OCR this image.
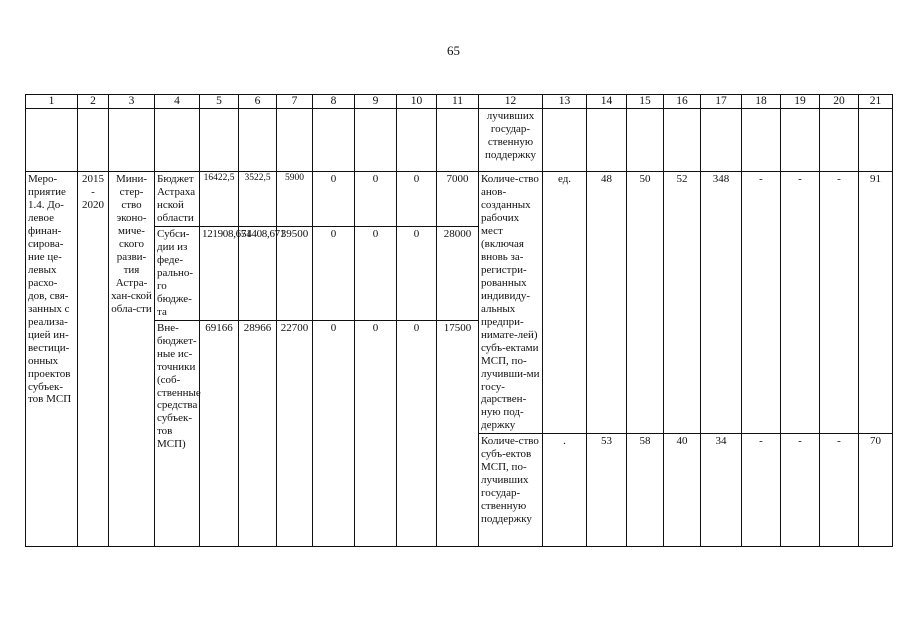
65
1	2	3	4	5	6	7	8	9	10	11	12	13	14	15	16	17	18	19	20	21
											лучивших государ-ственную поддержку									
Меро-приятие 1.4. До-левое финан-сирова-ние це-левых расхо-дов, свя-занных с реализа-цией ин-вестици-онных проектов субъек-тов МСП	2015 - 2020	Мини-стер-ство эконо-миче-ского разви-тия Астра-хан-ской обла-сти	Бюджет Астраха нской области	16422,5	3522,5	5900	0	0	0	7000	Количе-ство анов-созданных рабочих мест (включая вновь за-регистри-рованных индивиду-альных предпри-нимате-лей) субъ-ектами МСП, по-лучивши-ми госу-дарствен-ную под-держку	ед.	48	50	52	348	-	-	-	91
			Субси-дии из феде-рально-го бюдже-та	121908,671	54408,671	39500	0	0	0	28000										
			Вне-бюджет-ные ис-точники (соб-ственные средства субъек-тов МСП)	69166	28966	22700	0	0	0	17500										
											Количе-ство субъ-ектов МСП, по-лучивших государ-ственную поддержку	.	53	58	40	34	-	-	-	70
